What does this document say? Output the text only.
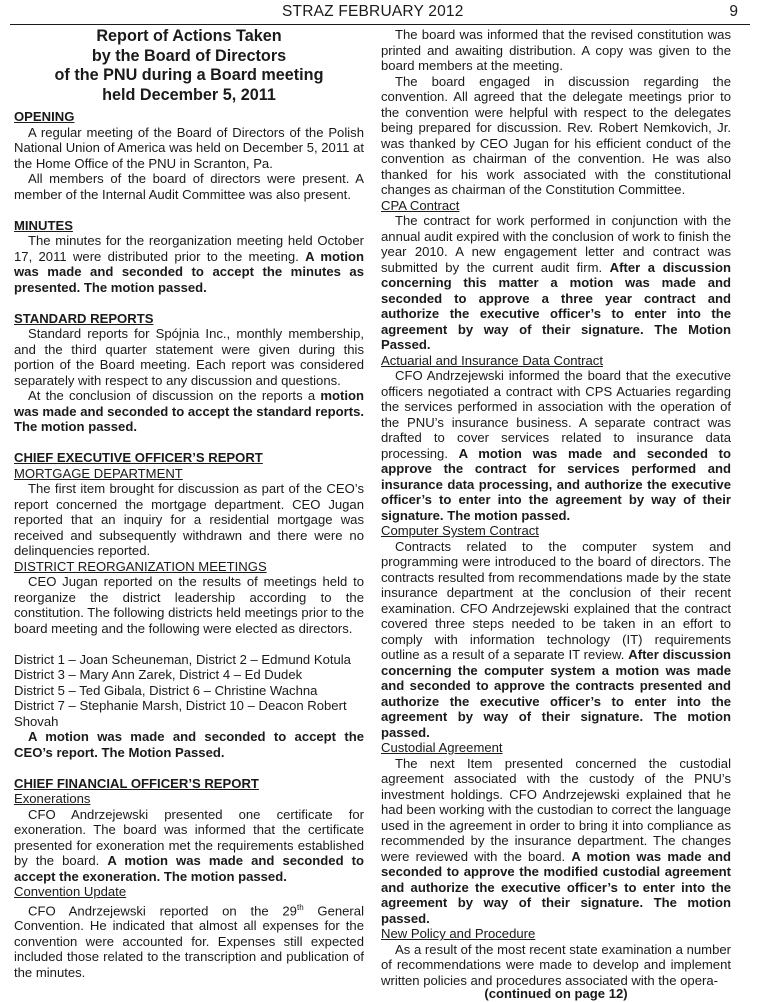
STRAZ FEBRUARY 2012	9
Report of Actions Taken
by the Board of Directors
of the PNU during a Board meeting
held December 5, 2011
OPENING

A regular meeting of the Board of Directors of the Polish National Union of America was held on December 5, 2011 at the Home Office of the PNU in Scranton, Pa.

All members of the board of directors were present. A member of the Internal Audit Committee was also present.

MINUTES

The minutes for the reorganization meeting held October 17, 2011 were distributed prior to the meeting. A motion was made and seconded to accept the minutes as presented. The motion passed.

STANDARD REPORTS

Standard reports for Spójnia Inc., monthly membership, and the third quarter statement were given during this portion of the Board meeting. Each report was considered separately with respect to any discussion and questions.

At the conclusion of discussion on the reports a motion was made and seconded to accept the standard reports. The motion passed.

CHIEF EXECUTIVE OFFICER’S REPORT
MORTGAGE DEPARTMENT

The first item brought for discussion as part of the CEO’s report concerned the mortgage department. CEO Jugan reported that an inquiry for a residential mortgage was received and subsequently withdrawn and there were no delinquencies reported.

DISTRICT REORGANIZATION MEETINGS

CEO Jugan reported on the results of meetings held to reorganize the district leadership according to the constitution. The following districts held meetings prior to the board meeting and the following were elected as directors.

District 1 – Joan Scheuneman, District 2 – Edmund Kotula

District 3 – Mary Ann Zarek, District 4 – Ed Dudek

District 5 – Ted Gibala, District 6 – Christine Wachna

District 7 – Stephanie Marsh, District 10 – Deacon Robert Shovah

A motion was made and seconded to accept the CEO’s report. The Motion Passed.

CHIEF FINANCIAL OFFICER’S REPORT
Exonerations

CFO Andrzejewski presented one certificate for exoneration. The board was informed that the certificate presented for exoneration met the requirements established by the board. A motion was made and seconded to accept the exoneration. The motion passed.

Convention Update

CFO Andrzejewski reported on the 29th General Convention. He indicated that almost all expenses for the convention were accounted for. Expenses still expected included those related to the transcription and publication of the minutes.

The board was informed that the revised constitution was printed and awaiting distribution. A copy was given to the board members at the meeting.

The board engaged in discussion regarding the convention. All agreed that the delegate meetings prior to the convention were helpful with respect to the delegates being prepared for discussion. Rev. Robert Nemkovich, Jr. was thanked by CEO Jugan for his efficient conduct of the convention as chairman of the convention. He was also thanked for his work associated with the constitutional changes as chairman of the Constitution Committee.

CPA Contract

The contract for work performed in conjunction with the annual audit expired with the conclusion of work to finish the year 2010. A new engagement letter and contract was submitted by the current audit firm. After a discussion concerning this matter a motion was made and seconded to approve a three year contract and authorize the executive officer’s to enter into the agreement by way of their signature. The Motion Passed.

Actuarial and Insurance Data Contract

CFO Andrzejewski informed the board that the executive officers negotiated a contract with CPS Actuaries regarding the services performed in association with the operation of the PNU’s insurance business. A separate contract was drafted to cover services related to insurance data processing. A motion was made and seconded to approve the contract for services performed and insurance data processing, and authorize the executive officer’s to enter into the agreement by way of their signature. The motion passed.

Computer System Contract

Contracts related to the computer system and programming were introduced to the board of directors. The contracts resulted from recommendations made by the state insurance department at the conclusion of their recent examination. CFO Andrzejewski explained that the contract covered three steps needed to be taken in an effort to comply with information technology (IT) requirements outline as a result of a separate IT review. After discussion concerning the computer system a motion was made and seconded to approve the contracts presented and authorize the executive officer’s to enter into the agreement by way of their signature. The motion passed.

Custodial Agreement

The next Item presented concerned the custodial agreement associated with the custody of the PNU’s investment holdings. CFO Andrzejewski explained that he had been working with the custodian to correct the language used in the agreement in order to bring it into compliance as recommended by the insurance department. The changes were reviewed with the board. A motion was made and seconded to approve the modified custodial agreement and authorize the executive officer’s to enter into the agreement by way of their signature. The motion passed.

New Policy and Procedure

As a result of the most recent state examination a number of recommendations were made to develop and implement written policies and procedures associated with the opera-

(continued on page 12)
